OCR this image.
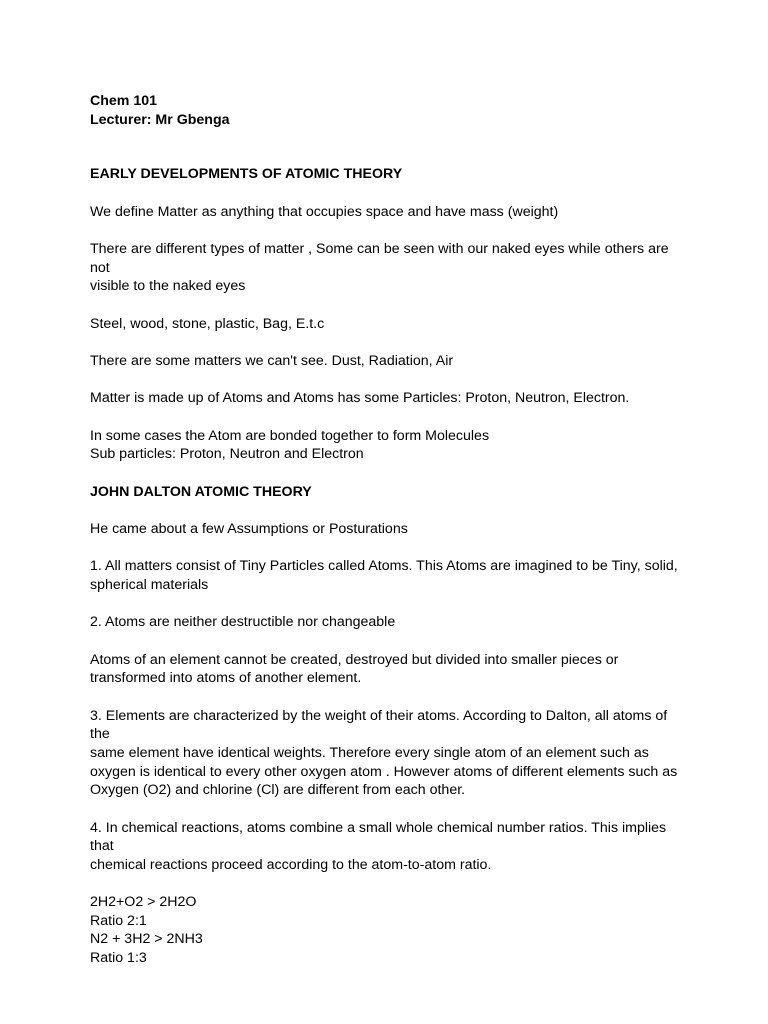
Chem 101
Lecturer: Mr Gbenga
EARLY DEVELOPMENTS OF ATOMIC THEORY
We define Matter as anything that occupies space and have mass (weight)
There are different types of matter , Some can be seen with our naked eyes while others are not
visible to the naked eyes
Steel, wood, stone, plastic, Bag, E.t.c
There are some matters we can't see. Dust, Radiation, Air
Matter is made up of Atoms and Atoms has some Particles: Proton, Neutron, Electron.
In some cases the Atom are bonded together to form Molecules
Sub particles: Proton, Neutron and Electron
JOHN DALTON ATOMIC THEORY
He came about a few Assumptions or Posturations
1. All matters consist of Tiny Particles called Atoms. This Atoms are imagined to be Tiny, solid,
spherical materials
2. Atoms are neither destructible nor changeable
Atoms of an element cannot be created, destroyed but divided into smaller pieces or
transformed into atoms of another element.
3. Elements are characterized by the weight of their atoms. According to Dalton, all atoms of the
same element have identical weights. Therefore every single atom of an element such as
oxygen is identical to every other oxygen atom . However atoms of different elements such as
Oxygen (O2) and chlorine (Cl) are different from each other.
4. In chemical reactions, atoms combine a small whole chemical number ratios. This implies that
chemical reactions proceed according to the atom-to-atom ratio.
2H2+O2 > 2H2O
Ratio 2:1
N2 + 3H2 > 2NH3
Ratio 1:3
